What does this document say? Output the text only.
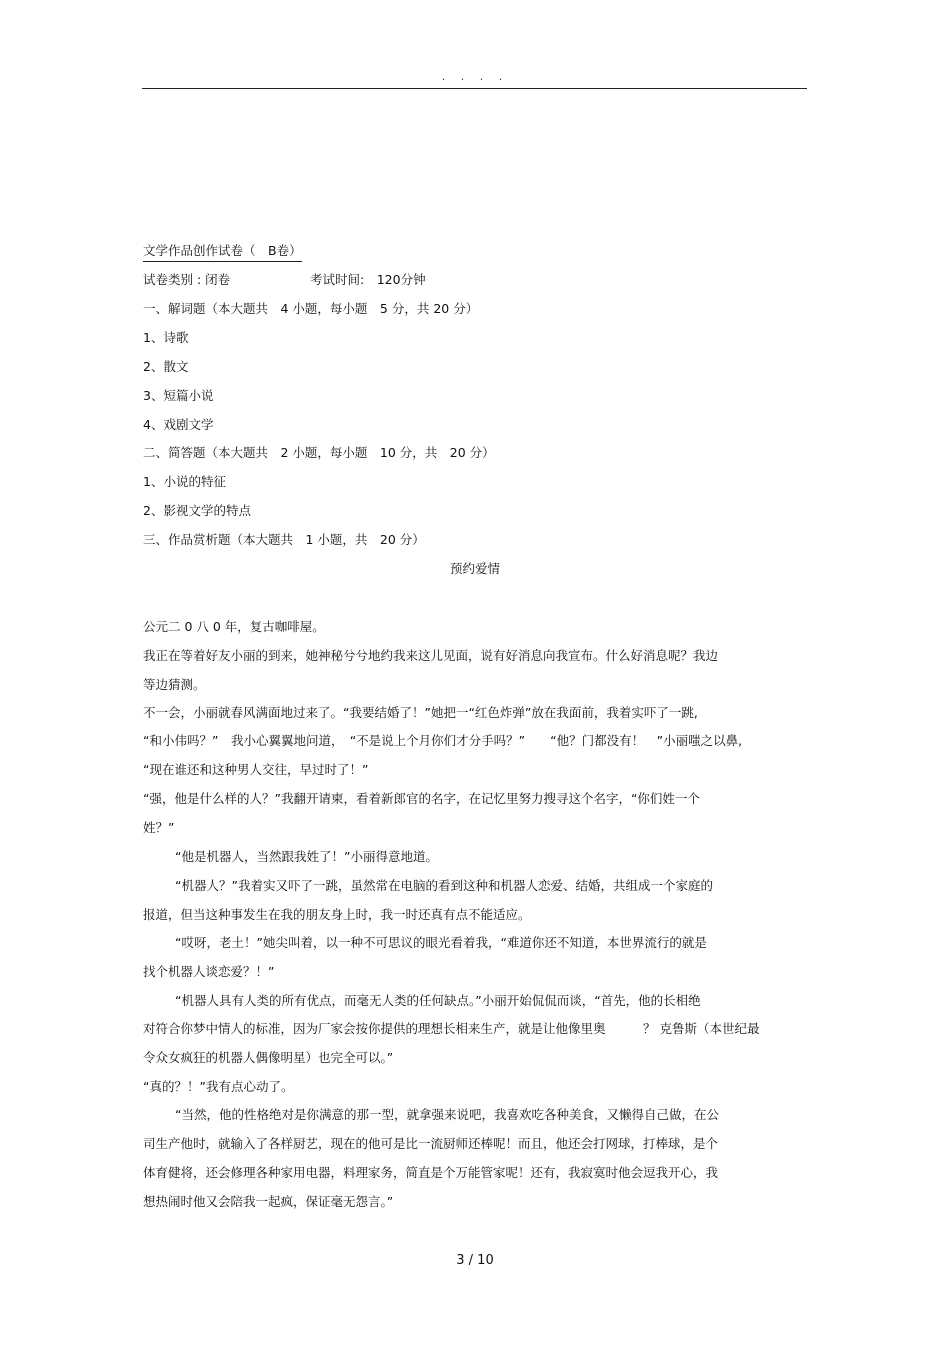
. . . .
文学作品创作试卷（　B卷）
试卷类别 : 闭卷	考试时间:　120分钟
一、解词题（本大题共　4 小题，每小题　5 分，共 20 分）
1、诗歌
2、散文
3、短篇小说
4、戏剧文学
二、简答题（本大题共　2 小题，每小题　10 分，共　20 分）
1、小说的特征
2、影视文学的特点
三、作品赏析题（本大题共　1 小题，共　20 分）
预约爱情
公元二 0 八 0 年，复古咖啡屋。
我正在等着好友小丽的到来，她神秘兮兮地约我来这儿见面，说有好消息向我宣布。什么好消息呢？我边
等边猜测。
不一会，小丽就春风满面地过来了。“我要结婚了！”她把一“红色炸弹”放在我面前，我着实吓了一跳,
“和小伟吗？”　我小心翼翼地问道，　“不是说上个月你们才分手吗？”　　“他？门都没有！　”小丽嗤之以鼻,
“现在谁还和这种男人交往，早过时了！”
“强，他是什么样的人？”我翻开请柬，看着新郎官的名字，在记忆里努力搜寻这个名字，“你们姓一个
姓？”
“他是机器人，当然跟我姓了！”小丽得意地道。
“机器人？”我着实又吓了一跳，虽然常在电脑的看到这种和机器人恋爱、结婚，共组成一个家庭的
报道，但当这种事发生在我的朋友身上时，我一时还真有点不能适应。
“哎呀，老土！”她尖叫着，以一种不可思议的眼光看着我，“难道你还不知道，本世界流行的就是
找个机器人谈恋爱？！”
“机器人具有人类的所有优点，而毫无人类的任何缺点。”小丽开始侃侃而谈，“首先，他的长相绝
对符合你梦中情人的标准，因为厂家会按你提供的理想长相来生产，就是让他像里奥　　　？ 克鲁斯（本世纪最
令众女疯狂的机器人偶像明星）也完全可以。”
“真的？！”我有点心动了。
“当然，他的性格绝对是你满意的那一型，就拿强来说吧，我喜欢吃各种美食，又懒得自己做，在公
司生产他时，就输入了各样厨艺，现在的他可是比一流厨师还棒呢！而且，他还会打网球，打棒球，是个
体育健将，还会修理各种家用电器，料理家务，简直是个万能管家呢！还有，我寂寞时他会逗我开心，我
想热闹时他又会陪我一起疯，保证毫无怨言。”
3 / 10
